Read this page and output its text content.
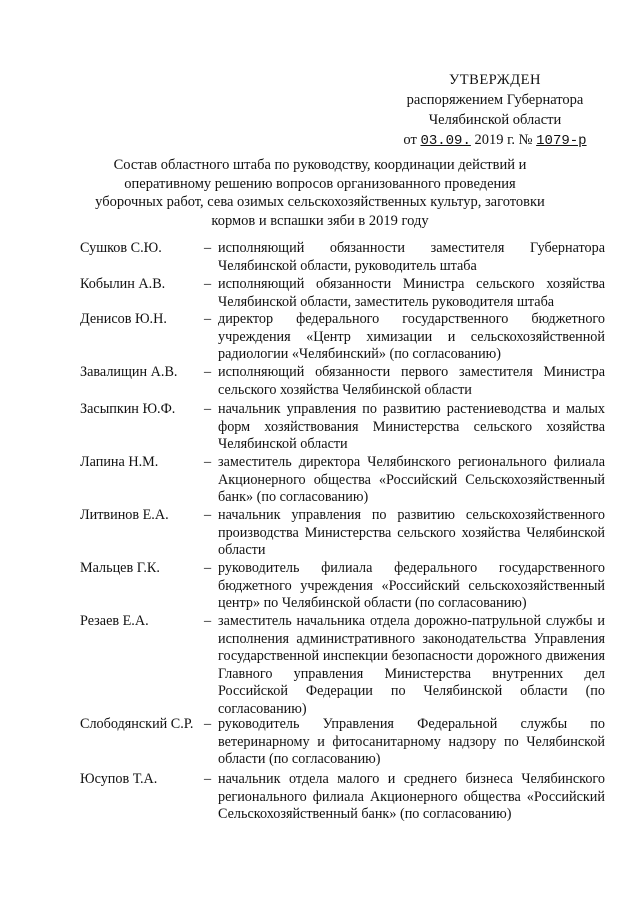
УТВЕРЖДЕН
распоряжением Губернатора
Челябинской области
от 03.09. 2019 г. № 1079-р
Состав областного штаба по руководству, координации действий и оперативному решению вопросов организованного проведения уборочных работ, сева озимых сельскохозяйственных культур, заготовки кормов и вспашки зяби в 2019 году
Сушков С.Ю.	– исполняющий обязанности заместителя Губернатора Челябинской области, руководитель штаба
Кобылин А.В.	– исполняющий обязанности Министра сельского хозяйства Челябинской области, заместитель руководителя штаба
Денисов Ю.Н.	– директор федерального государственного бюджетного учреждения «Центр химизации и сельскохозяйственной радиологии «Челябинский» (по согласованию)
Завалищин А.В.	– исполняющий обязанности первого заместителя Министра сельского хозяйства Челябинской области
Засыпкин Ю.Ф.	– начальник управления по развитию растениеводства и малых форм хозяйствования Министерства сельского хозяйства Челябинской области
Лапина Н.М.	– заместитель директора Челябинского регионального филиала Акционерного общества «Российский Сельскохозяйственный банк» (по согласованию)
Литвинов Е.А.	– начальник управления по развитию сельскохозяйственного производства Министерства сельского хозяйства Челябинской области
Мальцев Г.К.	– руководитель филиала федерального государственного бюджетного учреждения «Российский сельскохозяйственный центр» по Челябинской области (по согласованию)
Резаев Е.А.	– заместитель начальника отдела дорожно-патрульной службы и исполнения административного законодательства Управления государственной инспекции безопасности дорожного движения Главного управления Министерства внутренних дел Российской Федерации по Челябинской области (по согласованию)
Слободянский С.Р. – руководитель Управления Федеральной службы по ветеринарному и фитосанитарному надзору по Челябинской области (по согласованию)
Юсупов Т.А.	– начальник отдела малого и среднего бизнеса Челябинского регионального филиала Акционерного общества «Российский Сельскохозяйственный банк» (по согласованию)
